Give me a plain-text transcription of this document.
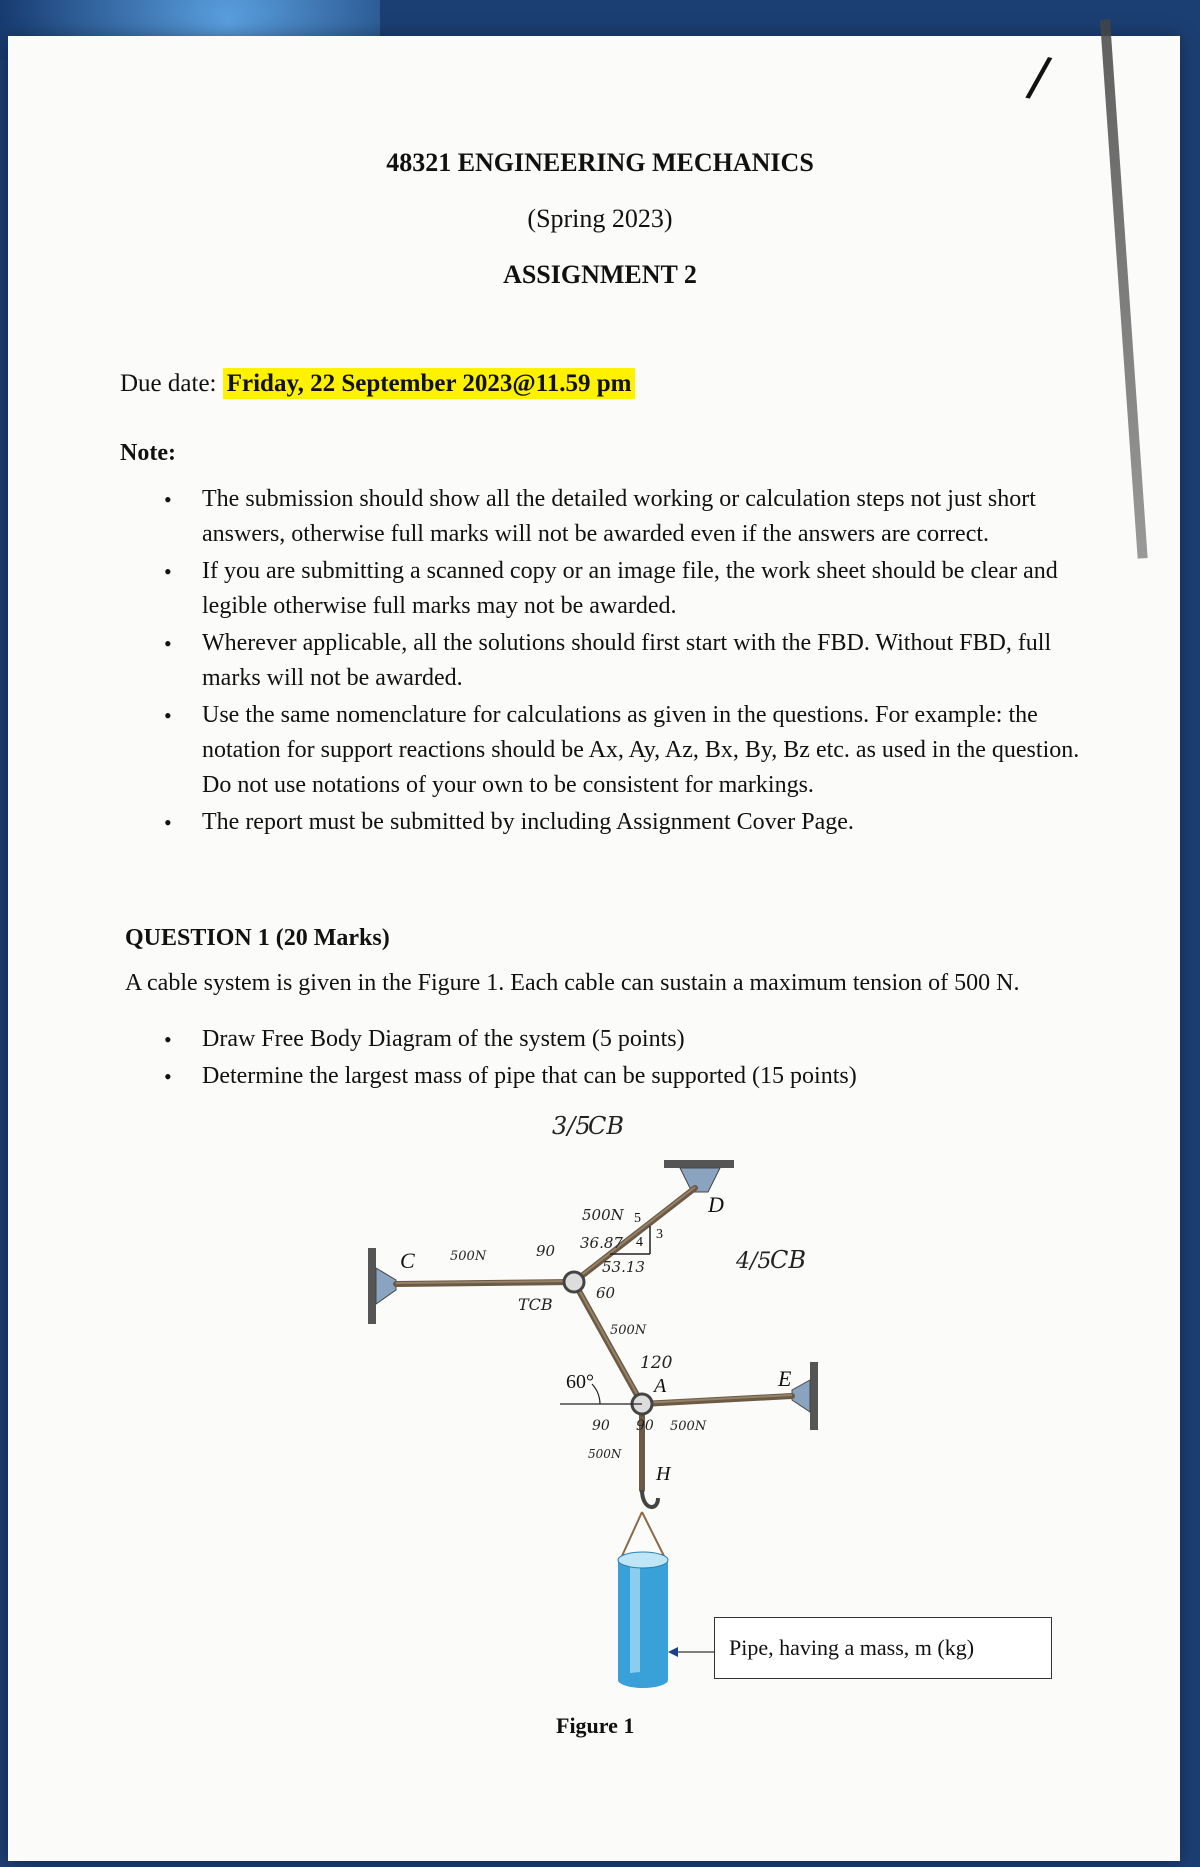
/
48321 ENGINEERING MECHANICS
(Spring 2023)
ASSIGNMENT 2
Due date: Friday, 22 September 2023@11.59 pm
Note:
• The submission should show all the detailed working or calculation steps not just short answers, otherwise full marks will not be awarded even if the answers are correct.
• If you are submitting a scanned copy or an image file, the work sheet should be clear and legible otherwise full marks may not be awarded.
• Wherever applicable, all the solutions should first start with the FBD. Without FBD, full marks will not be awarded.
• Use the same nomenclature for calculations as given in the questions. For example: the notation for support reactions should be Ax, Ay, Az, Bx, By, Bz etc. as used in the question. Do not use notations of your own to be consistent for markings.
• The report must be submitted by including Assignment Cover Page.
QUESTION 1 (20 Marks)
A cable system is given in the Figure 1. Each cable can sustain a maximum tension of 500 N.
• Draw Free Body Diagram of the system (5 points)
• Determine the largest mass of pipe that can be supported (15 points)
4
3
5
60°
C
D
A	E
H
3/5
CB
4/5
CB
500N
36.87
53.13
90
60
500N
120
90 90 500N
500N
TCB
500N
Pipe, having a mass, m (kg)
Figure 1
